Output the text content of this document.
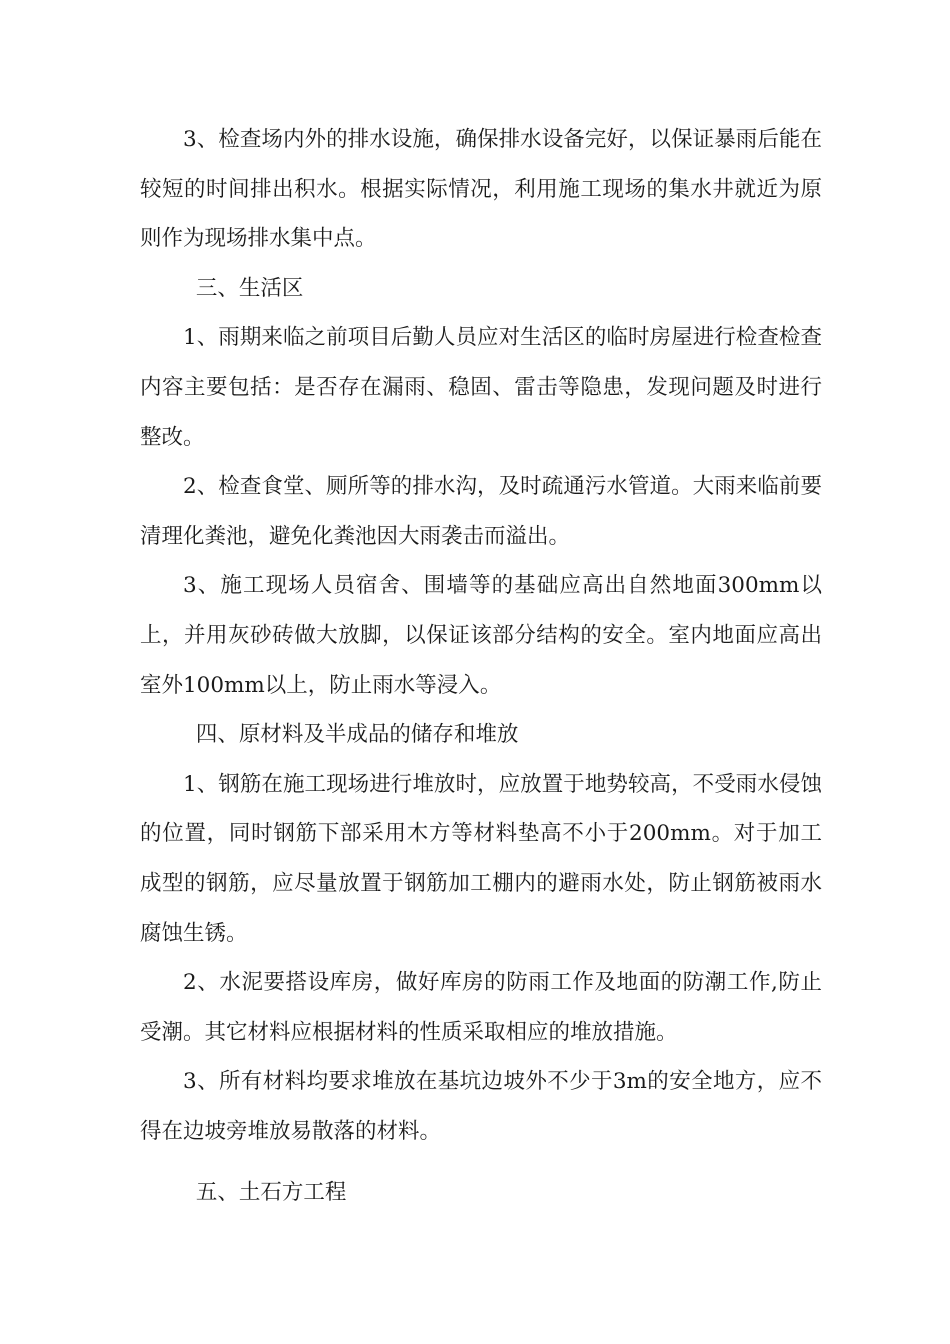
3、检查场内外的排水设施，确保排水设备完好，以保证暴雨后能在较短的时间排出积水。根据实际情况，利用施工现场的集水井就近为原则作为现场排水集中点。

三、生活区

1、雨期来临之前项目后勤人员应对生活区的临时房屋进行检查检查内容主要包括：是否存在漏雨、稳固、雷击等隐患，发现问题及时进行整改。

2、检查食堂、厕所等的排水沟，及时疏通污水管道。大雨来临前要清理化粪池，避免化粪池因大雨袭击而溢出。

3、施工现场人员宿舍、围墙等的基础应高出自然地面300mm以上，并用灰砂砖做大放脚，以保证该部分结构的安全。室内地面应高出室外100mm以上，防止雨水等浸入。

四、原材料及半成品的储存和堆放

1、钢筋在施工现场进行堆放时，应放置于地势较高，不受雨水侵蚀的位置，同时钢筋下部采用木方等材料垫高不小于200mm。对于加工成型的钢筋，应尽量放置于钢筋加工棚内的避雨水处，防止钢筋被雨水腐蚀生锈。

2、水泥要搭设库房，做好库房的防雨工作及地面的防潮工作,防止受潮。其它材料应根据材料的性质采取相应的堆放措施。

3、所有材料均要求堆放在基坑边坡外不少于3m的安全地方，应不得在边坡旁堆放易散落的材料。

五、土石方工程
